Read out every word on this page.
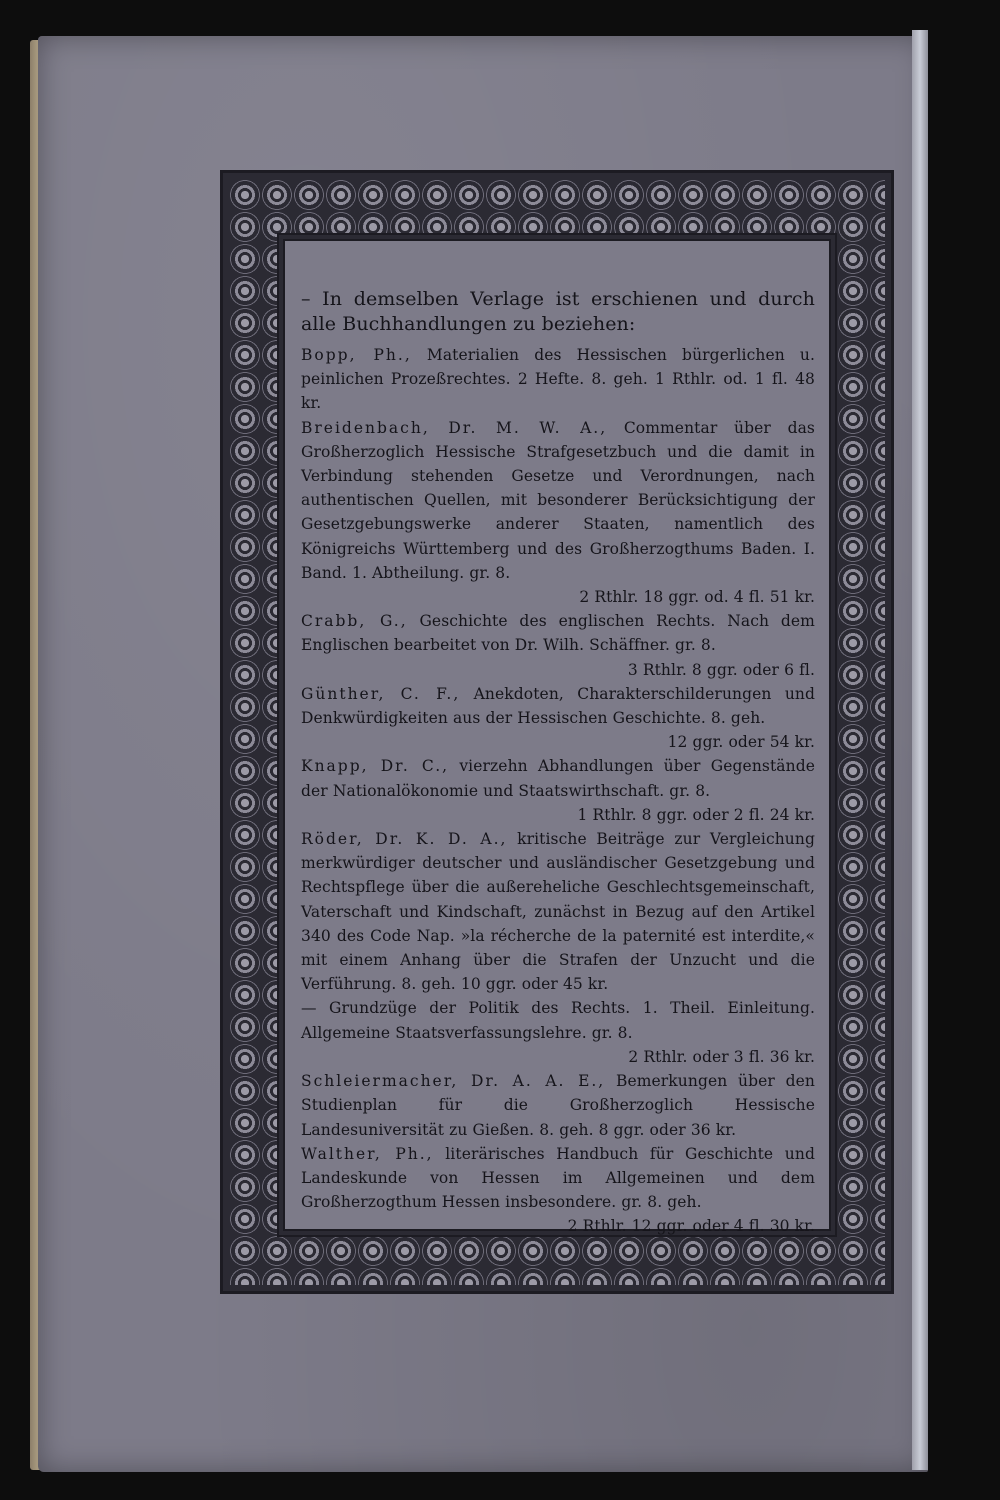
– In demselben Verlage ist erschienen und durch alle Buchhandlungen zu beziehen:

Bopp, Ph., Materialien des Hessischen bürgerlichen u. peinlichen Prozeßrechtes. 2 Hefte. 8. geh. 1 Rthlr. od. 1 fl. 48 kr.

Breidenbach, Dr. M. W. A., Commentar über das Großherzoglich Hessische Strafgesetzbuch und die damit in Verbindung stehenden Gesetze und Verordnungen, nach authentischen Quellen, mit besonderer Berücksichtigung der Gesetzgebungswerke anderer Staaten, namentlich des Königreichs Württemberg und des Großherzogthums Baden. I. Band. 1. Abtheilung. gr. 8.
2 Rthlr. 18 ggr. od. 4 fl. 51 kr.

Crabb, G., Geschichte des englischen Rechts. Nach dem Englischen bearbeitet von Dr. Wilh. Schäffner. gr. 8.
3 Rthlr. 8 ggr. oder 6 fl.

Günther, C. F., Anekdoten, Charakterschilderungen und Denkwürdigkeiten aus der Hessischen Geschichte. 8. geh.
12 ggr. oder 54 kr.

Knapp, Dr. C., vierzehn Abhandlungen über Gegenstände der Nationalökonomie und Staatswirthschaft. gr. 8.
1 Rthlr. 8 ggr. oder 2 fl. 24 kr.

Röder, Dr. K. D. A., kritische Beiträge zur Vergleichung merkwürdiger deutscher und ausländischer Gesetzgebung und Rechtspflege über die außereheliche Geschlechtsgemeinschaft, Vaterschaft und Kindschaft, zunächst in Bezug auf den Artikel 340 des Code Nap. »la récherche de la paternité est interdite,« mit einem Anhang über die Strafen der Unzucht und die Verführung. 8. geh. 10 ggr. oder 45 kr.

— Grundzüge der Politik des Rechts. 1. Theil. Einleitung. Allgemeine Staatsverfassungslehre. gr. 8.
2 Rthlr. oder 3 fl. 36 kr.

Schleiermacher, Dr. A. A. E., Bemerkungen über den Studienplan für die Großherzoglich Hessische Landesuniversität zu Gießen. 8. geh. 8 ggr. oder 36 kr.

Walther, Ph., literärisches Handbuch für Geschichte und Landeskunde von Hessen im Allgemeinen und dem Großherzogthum Hessen insbesondere. gr. 8. geh.
2 Rthlr. 12 ggr. oder 4 fl. 30 kr.
